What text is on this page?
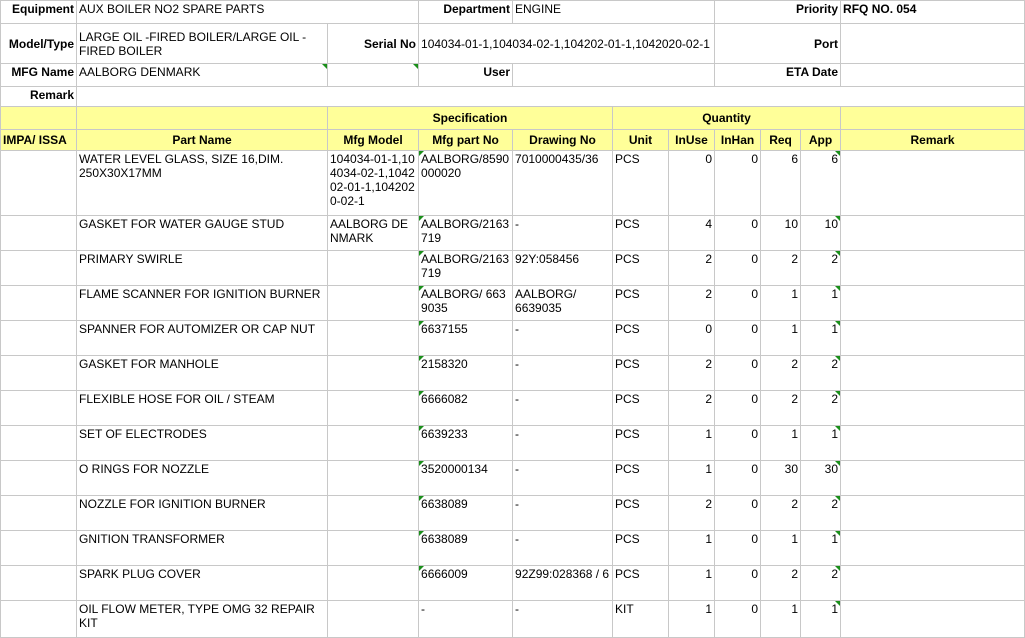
Equipment	AUX BOILER NO2 SPARE PARTS		Department	ENGINE			Priority			RFQ NO. 054
Model/Type	LARGE OIL -FIRED BOILER/LARGE OIL -FIRED BOILER	Serial No	104034-01-1,104034-02-1,104202-01-1,1042020-02-1				Port			
MFG Name	AALBORG DENMARK		User				ETA Date			
Remark										
		Specification			Quantity					
IMPA/ ISSA	Part Name	Mfg Model	Mfg part No	Drawing No	Unit	InUse	InHan	Req	App	Remark
	WATER LEVEL GLASS, SIZE 16,DIM. 250X30X17MM	104034-01-1,104034-02-1,104202-01-1,1042020-02-1	AALBORG/8590000020	7010000435/36	PCS	0	0	6	6	
	GASKET FOR WATER GAUGE STUD	AALBORG DENMARK	AALBORG/2163719	-	PCS	4	0	10	10	
	PRIMARY SWIRLE		AALBORG/2163719	92Y:058456	PCS	2	0	2	2	
	FLAME SCANNER FOR IGNITION BURNER		AALBORG/ 6639035	AALBORG/ 6639035	PCS	2	0	1	1	
	SPANNER FOR AUTOMIZER OR CAP NUT		6637155	-	PCS	0	0	1	1	
	GASKET FOR MANHOLE		2158320	-	PCS	2	0	2	2	
	FLEXIBLE HOSE FOR OIL / STEAM		6666082	-	PCS	2	0	2	2	
	SET OF ELECTRODES		6639233	-	PCS	1	0	1	1	
	O RINGS FOR NOZZLE		3520000134	-	PCS	1	0	30	30	
	NOZZLE FOR IGNITION BURNER		6638089	-	PCS	2	0	2	2	
	GNITION TRANSFORMER		6638089	-	PCS	1	0	1	1	
	SPARK PLUG COVER		6666009	92Z99:028368 / 6	PCS	1	0	2	2	
	OIL FLOW METER, TYPE OMG 32 REPAIR KIT		-	-	KIT	1	0	1	1	
